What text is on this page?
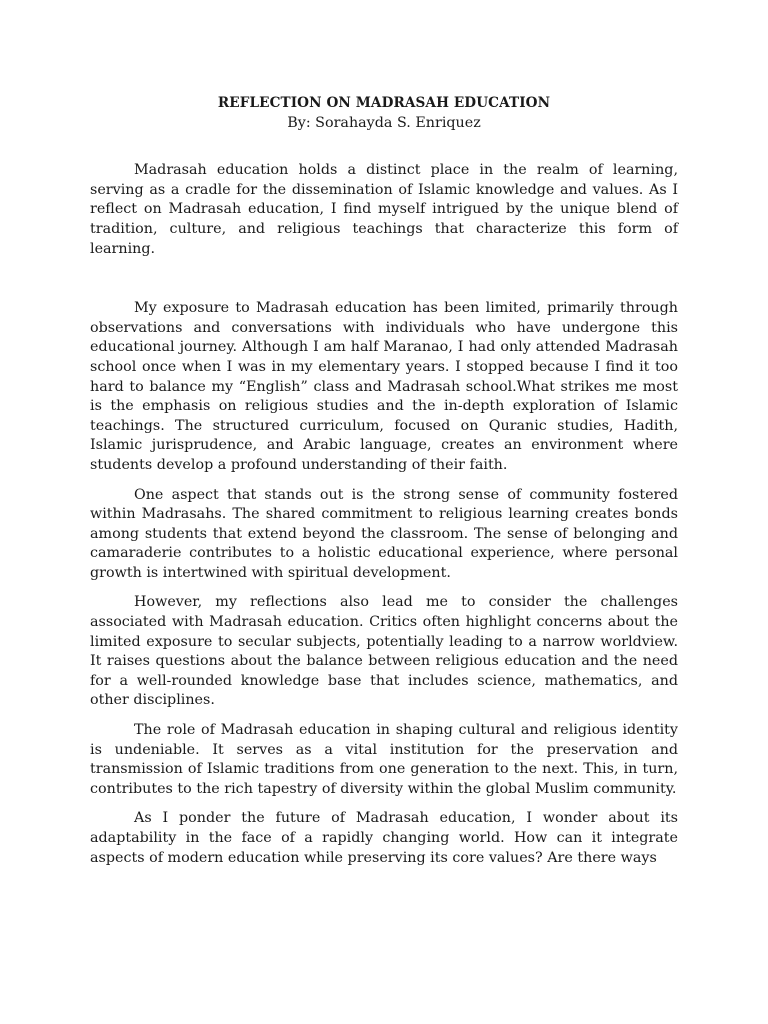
REFLECTION ON MADRASAH EDUCATION
By: Sorahayda S. Enriquez

Madrasah education holds a distinct place in the realm of learning, serving as a cradle for the dissemination of Islamic knowledge and values. As I reflect on Madrasah education, I find myself intrigued by the unique blend of tradition, culture, and religious teachings that characterize this form of learning.

My exposure to Madrasah education has been limited, primarily through observations and conversations with individuals who have undergone this educational journey. Although I am half Maranao, I had only attended Madrasah school once when I was in my elementary years. I stopped because I find it too hard to balance my “English” class and Madrasah school.What strikes me most is the emphasis on religious studies and the in-depth exploration of Islamic teachings. The structured curriculum, focused on Quranic studies, Hadith, Islamic jurisprudence, and Arabic language, creates an environment where students develop a profound understanding of their faith.

One aspect that stands out is the strong sense of community fostered within Madrasahs. The shared commitment to religious learning creates bonds among students that extend beyond the classroom. The sense of belonging and camaraderie contributes to a holistic educational experience, where personal growth is intertwined with spiritual development.

However, my reflections also lead me to consider the challenges associated with Madrasah education. Critics often highlight concerns about the limited exposure to secular subjects, potentially leading to a narrow worldview. It raises questions about the balance between religious education and the need for a well-rounded knowledge base that includes science, mathematics, and other disciplines.

The role of Madrasah education in shaping cultural and religious identity is undeniable. It serves as a vital institution for the preservation and transmission of Islamic traditions from one generation to the next. This, in turn, contributes to the rich tapestry of diversity within the global Muslim community.

As I ponder the future of Madrasah education, I wonder about its adaptability in the face of a rapidly changing world. How can it integrate aspects of modern education while preserving its core values? Are there ways
